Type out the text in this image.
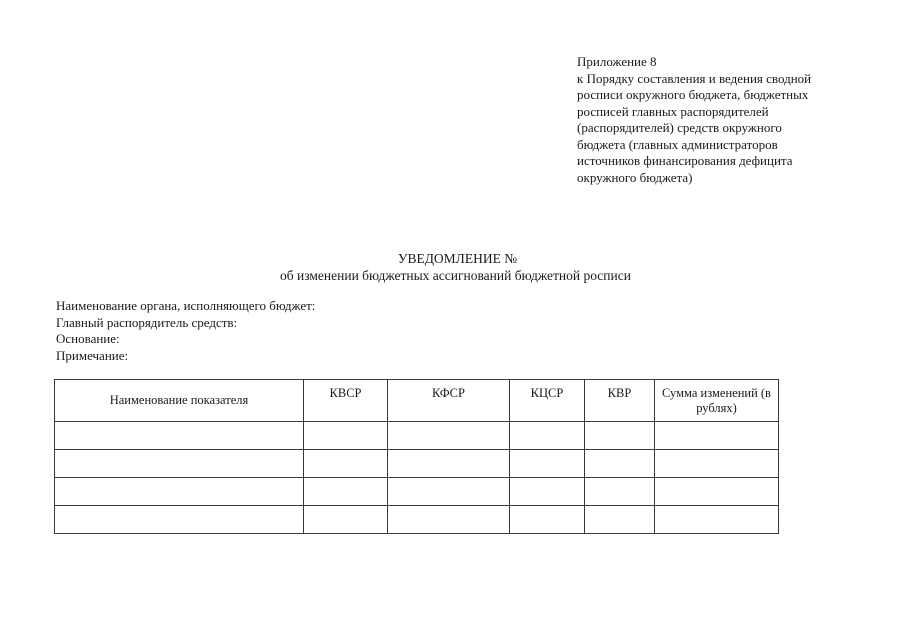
Приложение 8
к Порядку составления и ведения сводной
росписи окружного бюджета, бюджетных
росписей главных распорядителей
(распорядителей) средств окружного
бюджета (главных администраторов
источников финансирования дефицита
окружного бюджета)
УВЕДОМЛЕНИЕ №
об изменении бюджетных ассигнований бюджетной росписи
Наименование органа, исполняющего бюджет:
Главный распорядитель средств:
Основание:
Примечание:
Наименование показателя	КВСР	КФСР	КЦСР	КВР	Сумма изменений (в рублях)
